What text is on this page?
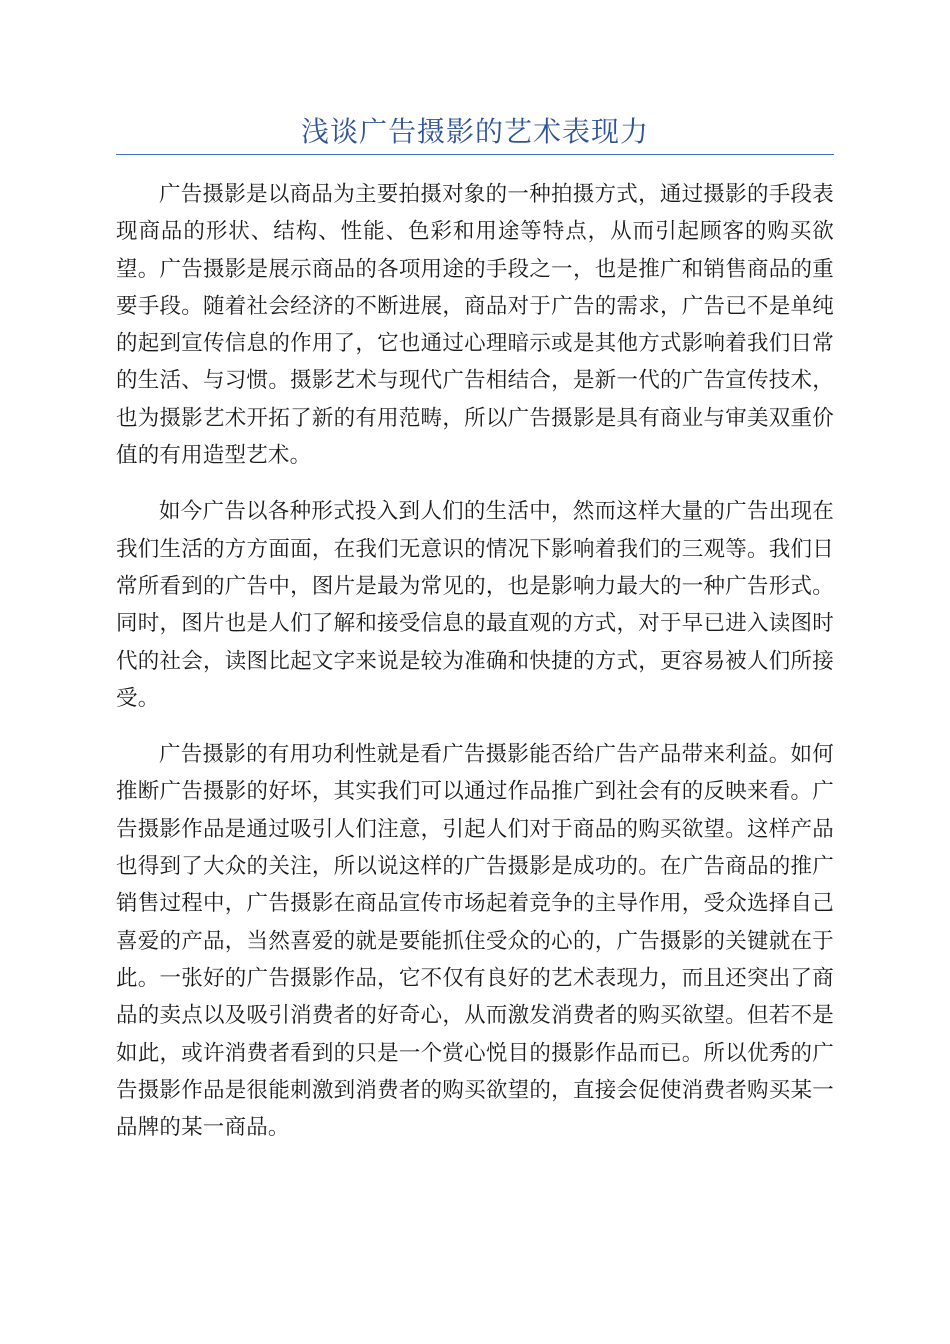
浅谈广告摄影的艺术表现力

广告摄影是以商品为主要拍摄对象的一种拍摄方式，通过摄影的手段表现商品的形状、结构、性能、色彩和用途等特点，从而引起顾客的购买欲望。广告摄影是展示商品的各项用途的手段之一，也是推广和销售商品的重要手段。随着社会经济的不断进展，商品对于广告的需求，广告已不是单纯的起到宣传信息的作用了，它也通过心理暗示或是其他方式影响着我们日常的生活、与习惯。摄影艺术与现代广告相结合，是新一代的广告宣传技术，也为摄影艺术开拓了新的有用范畴，所以广告摄影是具有商业与审美双重价值的有用造型艺术。

如今广告以各种形式投入到人们的生活中，然而这样大量的广告出现在我们生活的方方面面，在我们无意识的情况下影响着我们的三观等。我们日常所看到的广告中，图片是最为常见的，也是影响力最大的一种广告形式。同时，图片也是人们了解和接受信息的最直观的方式，对于早已进入读图时代的社会，读图比起文字来说是较为准确和快捷的方式，更容易被人们所接受。

广告摄影的有用功利性就是看广告摄影能否给广告产品带来利益。如何推断广告摄影的好坏，其实我们可以通过作品推广到社会有的反映来看。广告摄影作品是通过吸引人们注意，引起人们对于商品的购买欲望。这样产品也得到了大众的关注，所以说这样的广告摄影是成功的。在广告商品的推广销售过程中，广告摄影在商品宣传市场起着竞争的主导作用，受众选择自己喜爱的产品，当然喜爱的就是要能抓住受众的心的，广告摄影的关键就在于此。一张好的广告摄影作品，它不仅有良好的艺术表现力，而且还突出了商品的卖点以及吸引消费者的好奇心，从而激发消费者的购买欲望。但若不是如此，或许消费者看到的只是一个赏心悦目的摄影作品而已。所以优秀的广告摄影作品是很能刺激到消费者的购买欲望的，直接会促使消费者购买某一品牌的某一商品。
